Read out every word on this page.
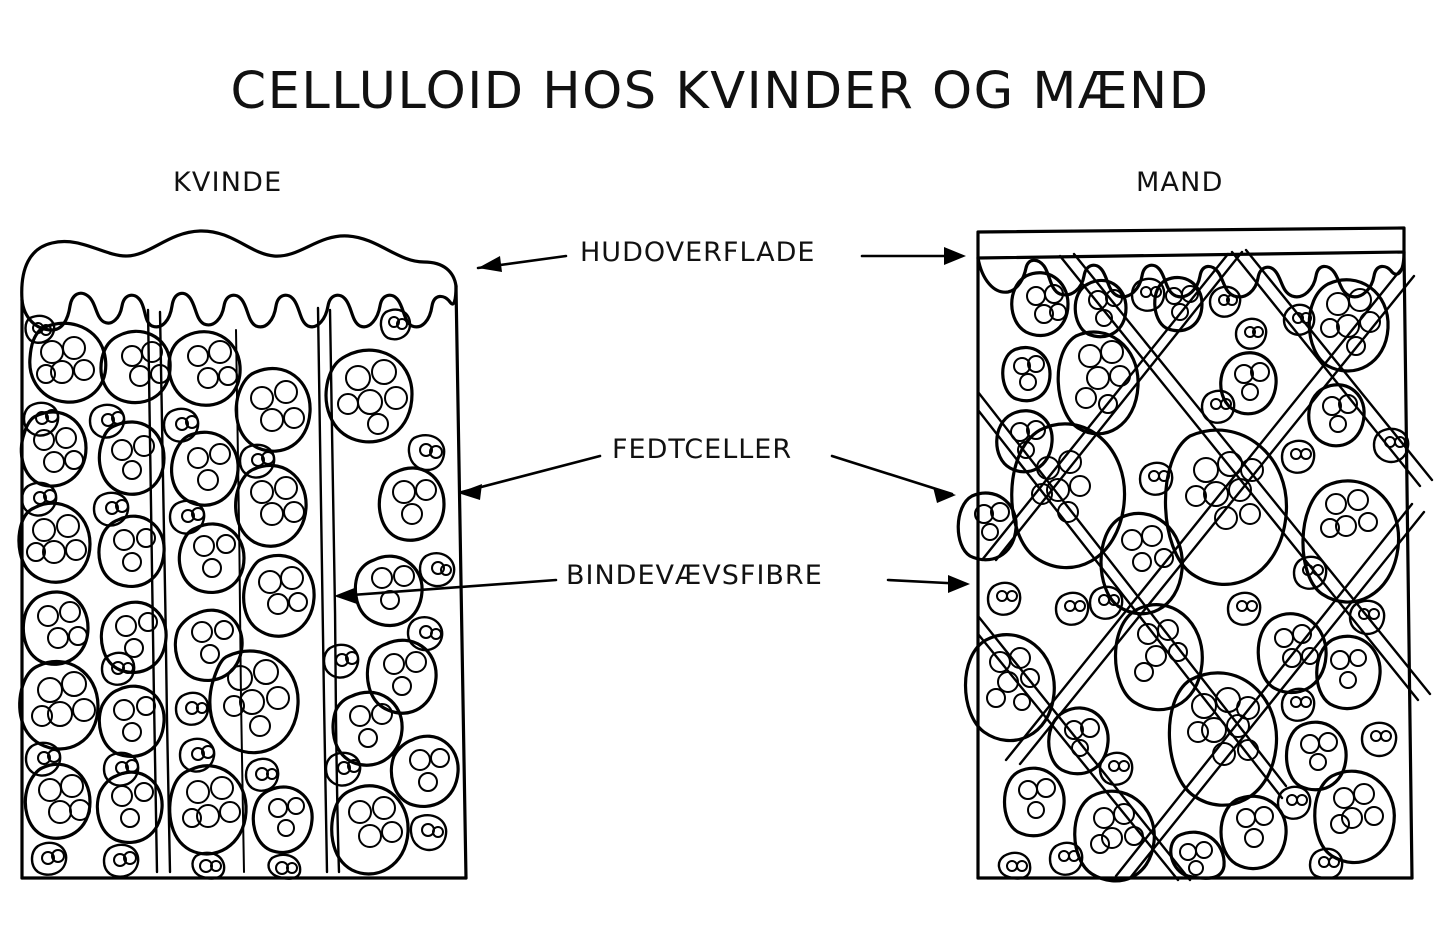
CELLULOID HOS KVINDER OG MÆND
KVINDE	MAND
HUDOVERFLADE
FEDTCELLER
BINDEVÆVSFIBRE
